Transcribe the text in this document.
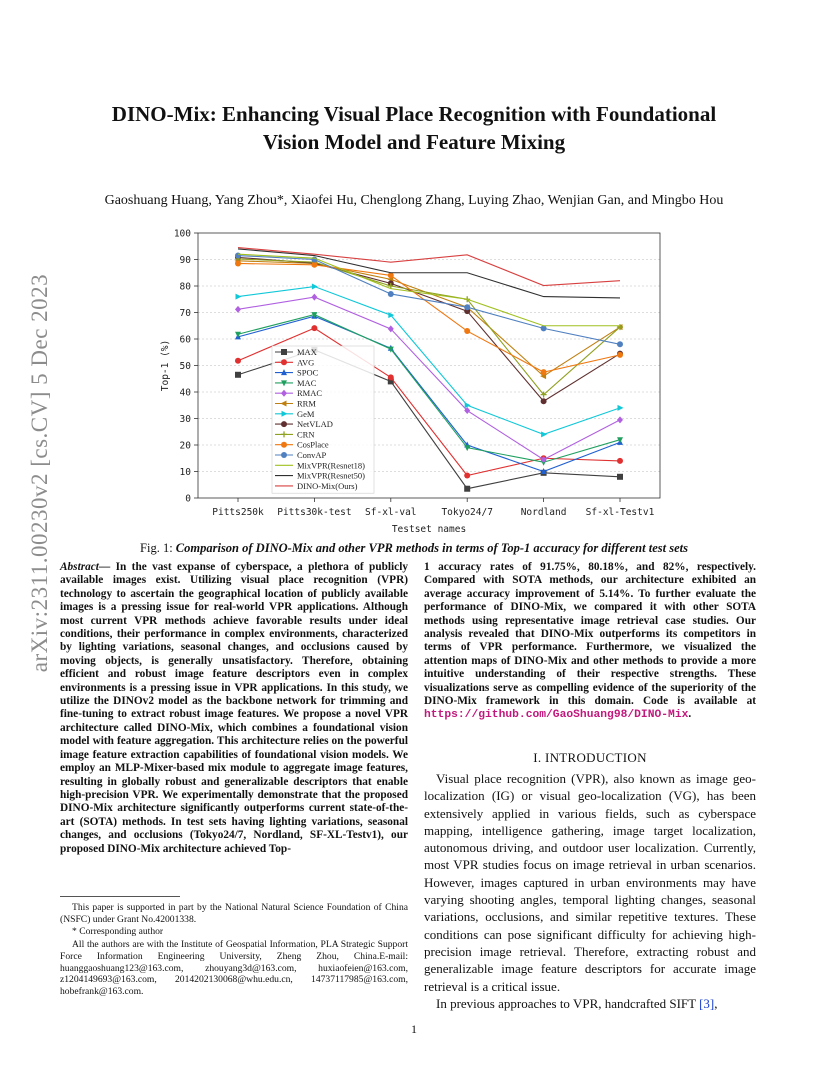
arXiv:2311.00230v2 [cs.CV] 5 Dec 2023
DINO-Mix: Enhancing Visual Place Recognition with Foundational
Vision Model and Feature Mixing
Gaoshuang Huang, Yang Zhou*, Xiaofei Hu, Chenglong Zhang, Luying Zhao, Wenjian Gan, and Mingbo Hou
0
10
20
30
40
50
60
70
80
90
100
Pitts250k Pitts30k-test Sf-xl-val	Tokyo24/7	Nordland Sf-xl-Testv1
Testset names
Top-1 (%)	MAX
AVG
SPOC
MAC
RMAC
RRM
GeM
NetVLAD
CRN
CosPlace
ConvAP
MixVPR(Resnet18)
MixVPR(Resnet50)
DINO-Mix(Ours)
Fig. 1: Comparison of DINO-Mix and other VPR methods in terms of Top-1 accuracy for different test sets
Abstract— In the vast expanse of cyberspace, a plethora of publicly available images exist. Utilizing visual place recognition (VPR) technology to ascertain the geographical location of publicly available images is a pressing issue for real-world VPR applications. Although most current VPR methods achieve favorable results under ideal conditions, their performance in complex environments, characterized by lighting variations, seasonal changes, and occlusions caused by moving objects, is generally unsatisfactory. Therefore, obtaining efficient and robust image feature descriptors even in complex environments is a pressing issue in VPR applications. In this study, we utilize the DINOv2 model as the backbone network for trimming and fine-tuning to extract robust image features. We propose a novel VPR architecture called DINO-Mix, which combines a foundational vision model with feature aggregation. This architecture relies on the powerful image feature extraction capabilities of foundational vision models. We employ an MLP-Mixer-based mix module to aggregate image features, resulting in globally robust and generalizable descriptors that enable high-precision VPR. We experimentally demonstrate that the proposed DINO-Mix architecture significantly outperforms current state-of-the-art (SOTA) methods. In test sets having lighting variations, seasonal changes, and occlusions (Tokyo24/7, Nordland, SF-XL-Testv1), our proposed DINO-Mix architecture achieved Top-
1 accuracy rates of 91.75%, 80.18%, and 82%, respectively. Compared with SOTA methods, our architecture exhibited an average accuracy improvement of 5.14%. To further evaluate the performance of DINO-Mix, we compared it with other SOTA methods using representative image retrieval case studies. Our analysis revealed that DINO-Mix outperforms its competitors in terms of VPR performance. Furthermore, we visualized the attention maps of DINO-Mix and other methods to provide a more intuitive understanding of their respective strengths. These visualizations serve as compelling evidence of the superiority of the DINO-Mix framework in this domain. Code is available at https://github.com/GaoShuang98/DINO-Mix.
I. INTRODUCTION

Visual place recognition (VPR), also known as image geo-localization (IG) or visual geo-localization (VG), has been extensively applied in various fields, such as cyberspace mapping, intelligence gathering, image target localization, autonomous driving, and outdoor user localization. Currently, most VPR studies focus on image retrieval in urban scenarios. However, images captured in urban environments may have varying shooting angles, temporal lighting changes, seasonal variations, occlusions, and similar repetitive textures. These conditions can pose significant difficulty for achieving high-precision image retrieval. Therefore, extracting robust and generalizable image feature descriptors for accurate image retrieval is a critical issue.

In previous approaches to VPR, handcrafted SIFT [3],

This paper is supported in part by the National Natural Science Foundation of China (NSFC) under Grant No.42001338.

* Corresponding author

All the authors are with the Institute of Geospatial Information, PLA Strategic Support Force Information Engineering University, Zheng Zhou, China.E-mail: huanggaoshuang123@163.com, zhouyang3d@163.com, huxiaofeien@163.com, z1204149693@163.com, 2014202130068@whu.edu.cn, 14737117985@163.com, hobefrank@163.com.

1
